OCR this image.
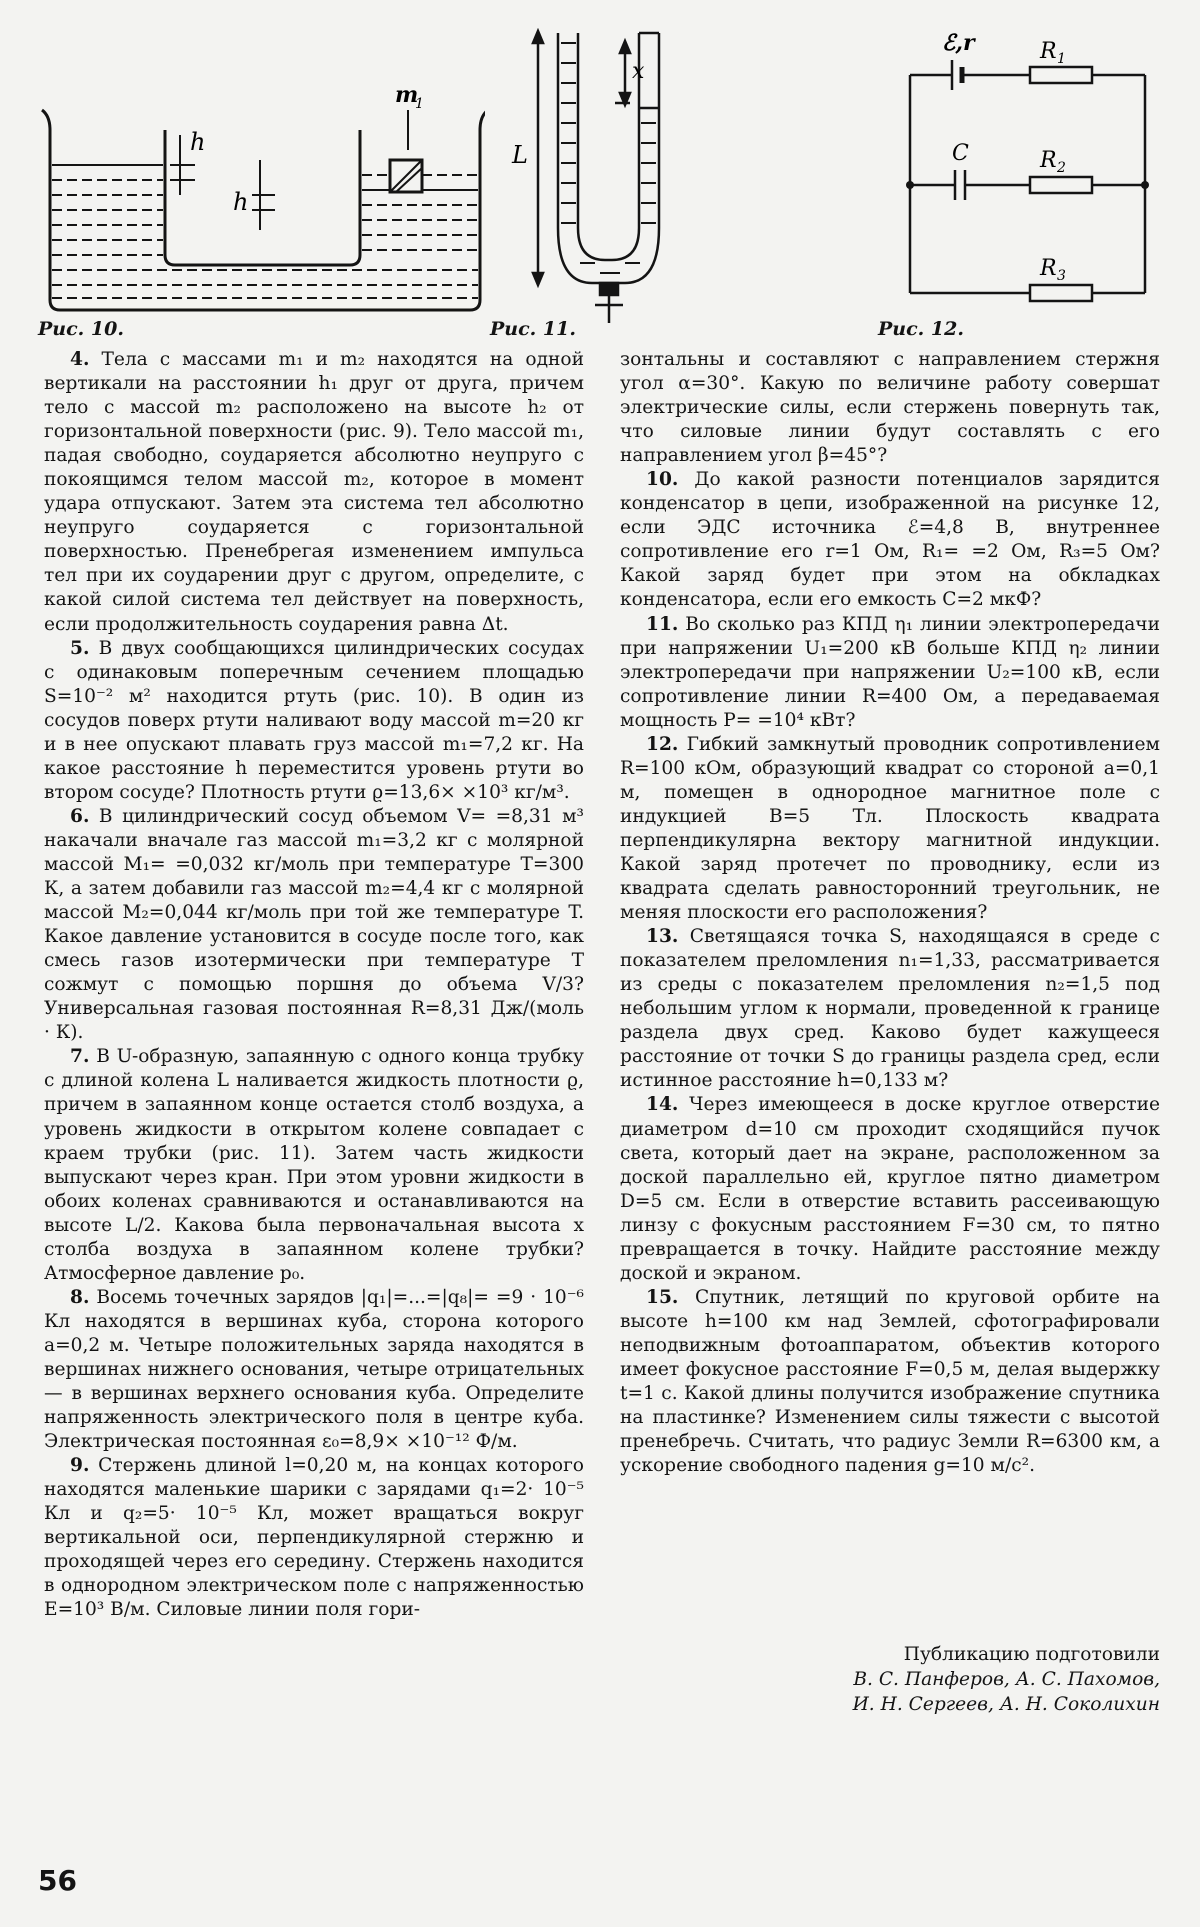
h
h
m
1
Рис. 10.
L
x
Рис. 11.
ℰ,r	R 1
C	R 2
R 3
Рис. 12.

4. Тела с массами m₁ и m₂ находятся на одной вертикали на расстоянии h₁ друг от друга, причем тело с массой m₂ расположено на высоте h₂ от горизонтальной поверхности (рис. 9). Тело массой m₁, падая свободно, соударяется абсолютно неупруго с покоящимся телом массой m₂, которое в момент удара отпускают. Затем эта система тел абсолютно неупруго соударяется с горизонтальной поверхностью. Пренебрегая изменением импульса тел при их соударении друг с другом, определите, с какой силой система тел действует на поверхность, если продолжительность соударения равна Δt.

5. В двух сообщающихся цилиндрических сосудах с одинаковым поперечным сечением площадью S=10⁻² м² находится ртуть (рис. 10). В один из сосудов поверх ртути наливают воду массой m=20 кг и в нее опускают плавать груз массой m₁=7,2 кг. На какое расстояние h переместится уровень ртути во втором сосуде? Плотность ртути ϱ=13,6× ×10³ кг/м³.

6. В цилиндрический сосуд объемом V= =8,31 м³ накачали вначале газ массой m₁=3,2 кг с молярной массой M₁= =0,032 кг/моль при температуре T=300 К, а затем добавили газ массой m₂=4,4 кг с молярной массой M₂=0,044 кг/моль при той же температуре T. Какое давление установится в сосуде после того, как смесь газов изотермически при температуре T сожмут с помощью поршня до объема V/3? Универсальная газовая постоянная R=8,31 Дж/(моль · К).

7. В U-образную, запаянную с одного конца трубку с длиной колена L наливается жидкость плотности ϱ, причем в запаянном конце остается столб воздуха, а уровень жидкости в открытом колене совпадает с краем трубки (рис. 11). Затем часть жидкости выпускают через кран. При этом уровни жидкости в обоих коленах сравниваются и останавливаются на высоте L/2. Какова была первоначальная высота x столба воздуха в запаянном колене трубки? Атмосферное давление p₀.

8. Восемь точечных зарядов |q₁|=...=|q₈|= =9 · 10⁻⁶ Кл находятся в вершинах куба, сторона которого a=0,2 м. Четыре положительных заряда находятся в вершинах нижнего основания, четыре отрицательных — в вершинах верхнего основания куба. Определите напряженность электрического поля в центре куба. Электрическая постоянная ε₀=8,9× ×10⁻¹² Ф/м.

9. Стержень длиной l=0,20 м, на концах которого находятся маленькие шарики с зарядами q₁=2· 10⁻⁵ Кл и q₂=5· 10⁻⁵ Кл, может вращаться вокруг вертикальной оси, перпендикулярной стержню и проходящей через его середину. Стержень находится в однородном электрическом поле с напряженностью E=10³ В/м. Силовые линии поля гори-

зонтальны и составляют с направлением стержня угол α=30°. Какую по величине работу совершат электрические силы, если стержень повернуть так, что силовые линии будут составлять с его направлением угол β=45°?

10. До какой разности потенциалов зарядится конденсатор в цепи, изображенной на рисунке 12, если ЭДС источника ℰ=4,8 В, внутреннее сопротивление его r=1 Ом, R₁= =2 Ом, R₃=5 Ом? Какой заряд будет при этом на обкладках конденсатора, если его емкость C=2 мкФ?

11. Во сколько раз КПД η₁ линии электропередачи при напряжении U₁=200 кВ больше КПД η₂ линии электропередачи при напряжении U₂=100 кВ, если сопротивление линии R=400 Ом, а передаваемая мощность P= =10⁴ кВт?

12. Гибкий замкнутый проводник сопротивлением R=100 кОм, образующий квадрат со стороной a=0,1 м, помещен в однородное магнитное поле с индукцией B=5 Тл. Плоскость квадрата перпендикулярна вектору магнитной индукции. Какой заряд протечет по проводнику, если из квадрата сделать равносторонний треугольник, не меняя плоскости его расположения?

13. Светящаяся точка S, находящаяся в среде с показателем преломления n₁=1,33, рассматривается из среды с показателем преломления n₂=1,5 под небольшим углом к нормали, проведенной к границе раздела двух сред. Каково будет кажущееся расстояние от точки S до границы раздела сред, если истинное расстояние h=0,133 м?

14. Через имеющееся в доске круглое отверстие диаметром d=10 см проходит сходящийся пучок света, который дает на экране, расположенном за доской параллельно ей, круглое пятно диаметром D=5 см. Если в отверстие вставить рассеивающую линзу с фокусным расстоянием F=30 см, то пятно превращается в точку. Найдите расстояние между доской и экраном.

15. Спутник, летящий по круговой орбите на высоте h=100 км над Землей, сфотографировали неподвижным фотоаппаратом, объектив которого имеет фокусное расстояние F=0,5 м, делая выдержку t=1 с. Какой длины получится изображение спутника на пластинке? Изменением силы тяжести с высотой пренебречь. Считать, что радиус Земли R=6300 км, а ускорение свободного падения g=10 м/с².

Публикацию подготовили
В. С. Панферов, А. С. Пахомов,
И. Н. Сергеев, А. Н. Соколихин
56
